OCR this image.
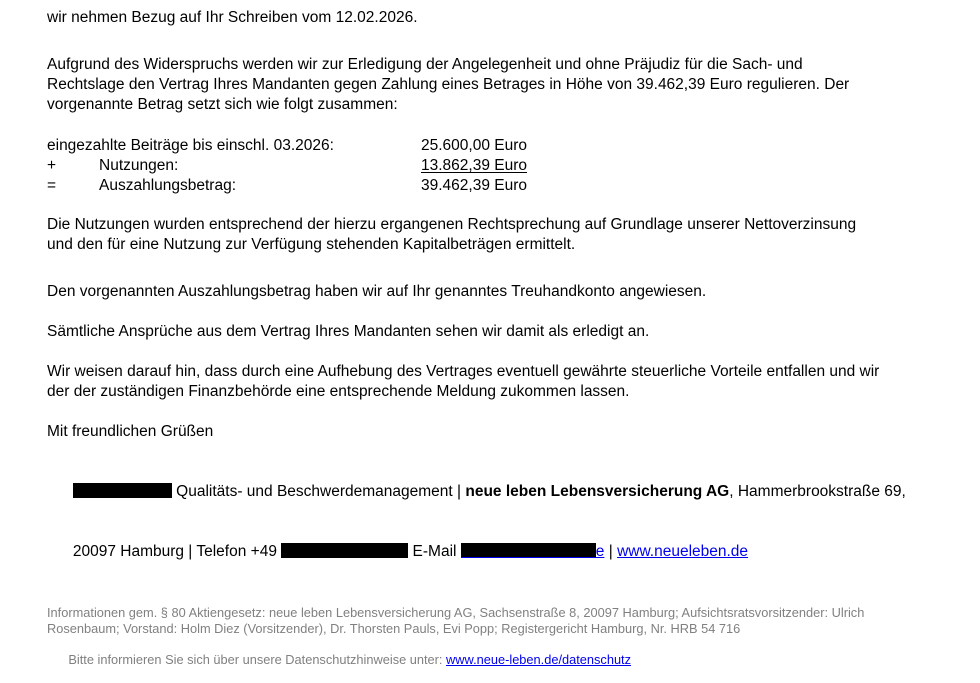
wir nehmen Bezug auf Ihr Schreiben vom 12.02.2026.
Aufgrund des Widerspruchs werden wir zur Erledigung der Angelegenheit und ohne Präjudiz für die Sach- und
Rechtslage den Vertrag Ihres Mandanten gegen Zahlung eines Betrages in Höhe von 39.462,39 Euro regulieren. Der
vorgenannte Betrag setzt sich wie folgt zusammen:
eingezahlte Beiträge bis einschl. 03.2026:	25.600,00 Euro
+	Nutzungen:	13.862,39 Euro
=	Auszahlungsbetrag:	39.462,39 Euro
Die Nutzungen wurden entsprechend der hierzu ergangenen Rechtsprechung auf Grundlage unserer Nettoverzinsung
und den für eine Nutzung zur Verfügung stehenden Kapitalbeträgen ermittelt.
Den vorgenannten Auszahlungsbetrag haben wir auf Ihr genanntes Treuhandkonto angewiesen.
Sämtliche Ansprüche aus dem Vertrag Ihres Mandanten sehen wir damit als erledigt an.
Wir weisen darauf hin, dass durch eine Aufhebung des Vertrages eventuell gewährte steuerliche Vorteile entfallen und wir
der der zuständigen Finanzbehörde eine entsprechende Meldung zukommen lassen.
Mit freundlichen Grüßen

Qualitäts- und Beschwerdemanagement | neue leben Lebensversicherung AG, Hammerbrookstraße 69,

20097 Hamburg | Telefon +49	E-Mail	e | www.neueleben.de

Informationen gem. § 80 Aktiengesetz: neue leben Lebensversicherung AG, Sachsenstraße 8, 20097 Hamburg; Aufsichtsratsvorsitzender: Ulrich
Rosenbaum; Vorstand: Holm Diez (Vorsitzender), Dr. Thorsten Pauls, Evi Popp; Registergericht Hamburg, Nr. HRB 54 716

Bitte informieren Sie sich über unsere Datenschutzhinweise unter: www.neue-leben.de/datenschutz
